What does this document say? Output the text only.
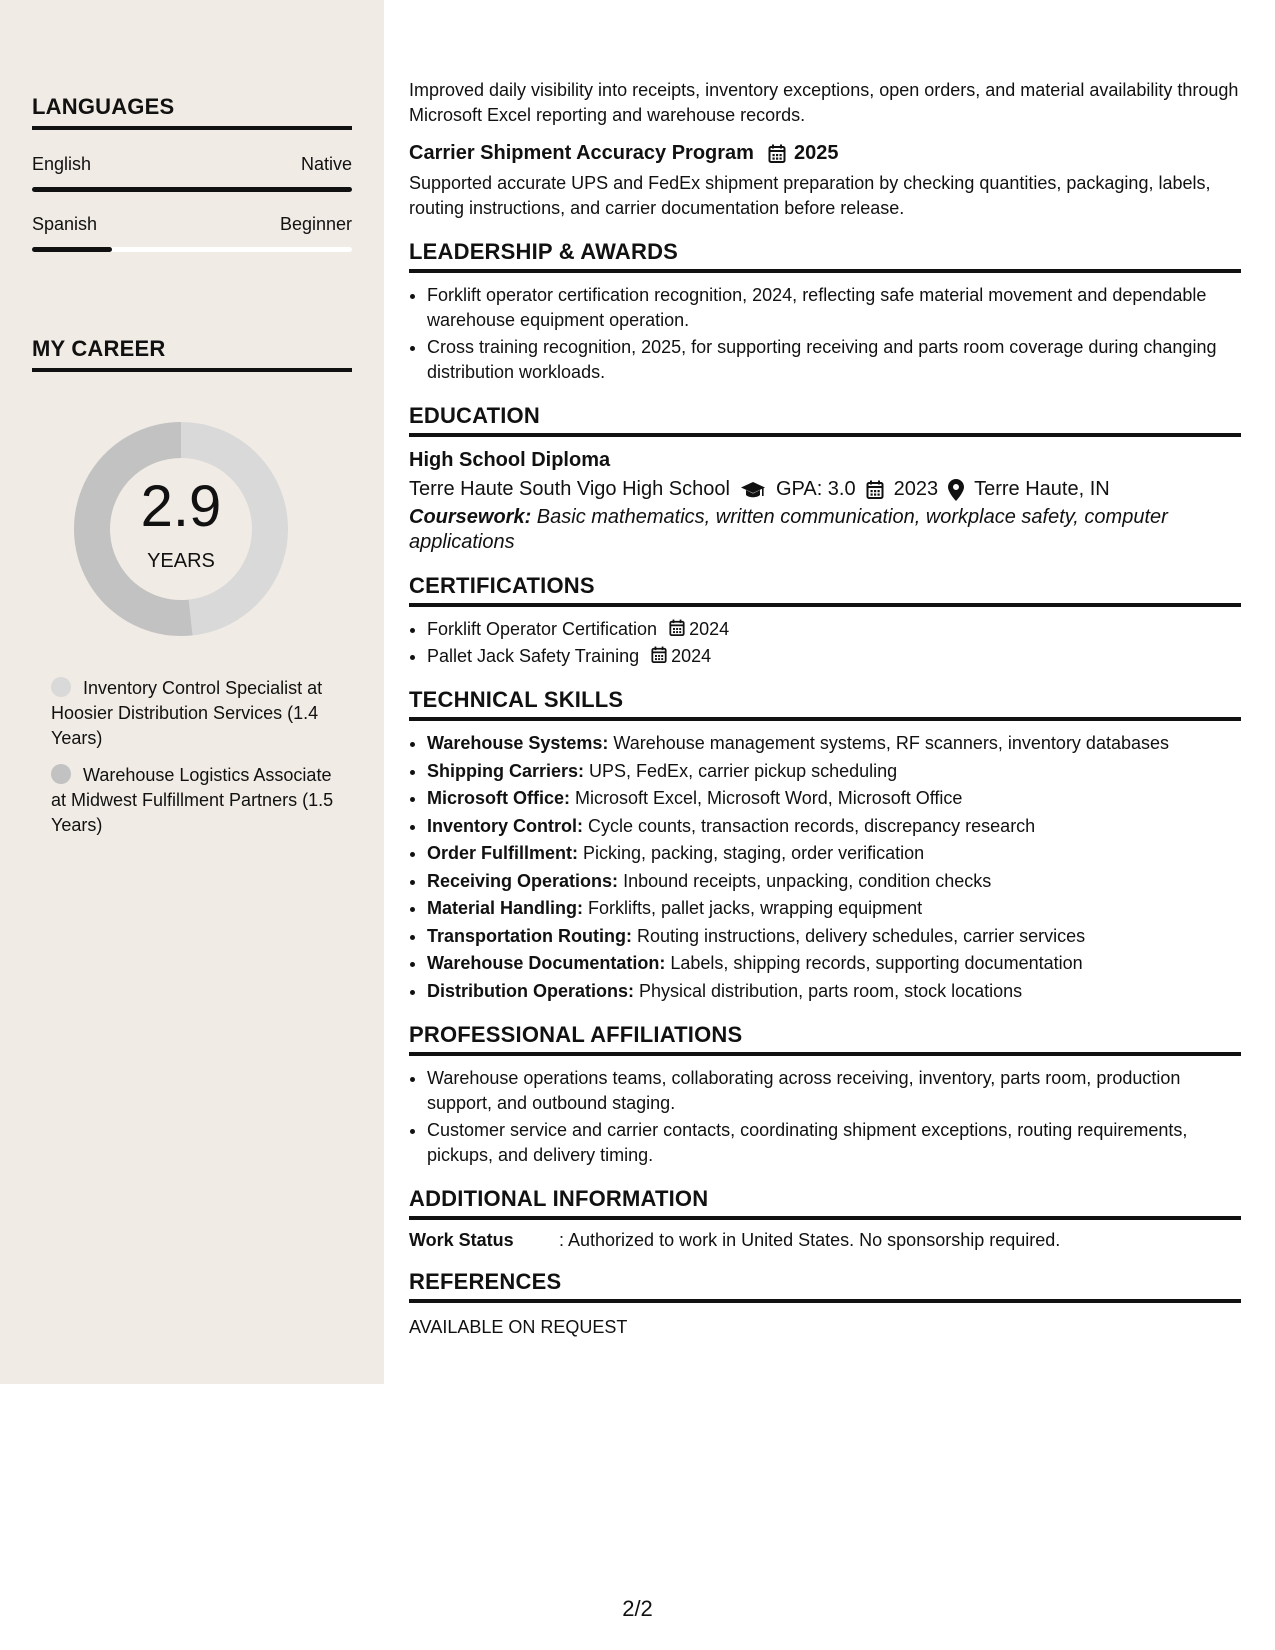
LANGUAGES
English	Native
Spanish	Beginner
MY CAREER
2.9
YEARS
Inventory Control Specialist at Hoosier Distribution Services (1.4 Years)
Warehouse Logistics Associate at Midwest Fulfillment Partners (1.5 Years)

Improved daily visibility into receipts, inventory exceptions, open orders, and material availability through Microsoft Excel reporting and warehouse records.

Carrier Shipment Accuracy Program 2025

Supported accurate UPS and FedEx shipment preparation by checking quantities, packaging, labels, routing instructions, and carrier documentation before release.

LEADERSHIP & AWARDS
• Forklift operator certification recognition, 2024, reflecting safe material movement and dependable warehouse equipment operation.
• Cross training recognition, 2025, for supporting receiving and parts room coverage during changing distribution workloads.
EDUCATION
High School Diploma
Terre Haute South Vigo High School GPA: 3.0 2023 Terre Haute, IN
Coursework: Basic mathematics, written communication, workplace safety, computer applications
CERTIFICATIONS
• Forklift Operator Certification 2024
• Pallet Jack Safety Training 2024
TECHNICAL SKILLS
• Warehouse Systems: Warehouse management systems, RF scanners, inventory databases
• Shipping Carriers: UPS, FedEx, carrier pickup scheduling
• Microsoft Office: Microsoft Excel, Microsoft Word, Microsoft Office
• Inventory Control: Cycle counts, transaction records, discrepancy research
• Order Fulfillment: Picking, packing, staging, order verification
• Receiving Operations: Inbound receipts, unpacking, condition checks
• Material Handling: Forklifts, pallet jacks, wrapping equipment
• Transportation Routing: Routing instructions, delivery schedules, carrier services
• Warehouse Documentation: Labels, shipping records, supporting documentation
• Distribution Operations: Physical distribution, parts room, stock locations
PROFESSIONAL AFFILIATIONS
• Warehouse operations teams, collaborating across receiving, inventory, parts room, production support, and outbound staging.
• Customer service and carrier contacts, coordinating shipment exceptions, routing requirements, pickups, and delivery timing.
ADDITIONAL INFORMATION
Work Status	: Authorized to work in United States. No sponsorship required.
REFERENCES

AVAILABLE ON REQUEST

2/2
